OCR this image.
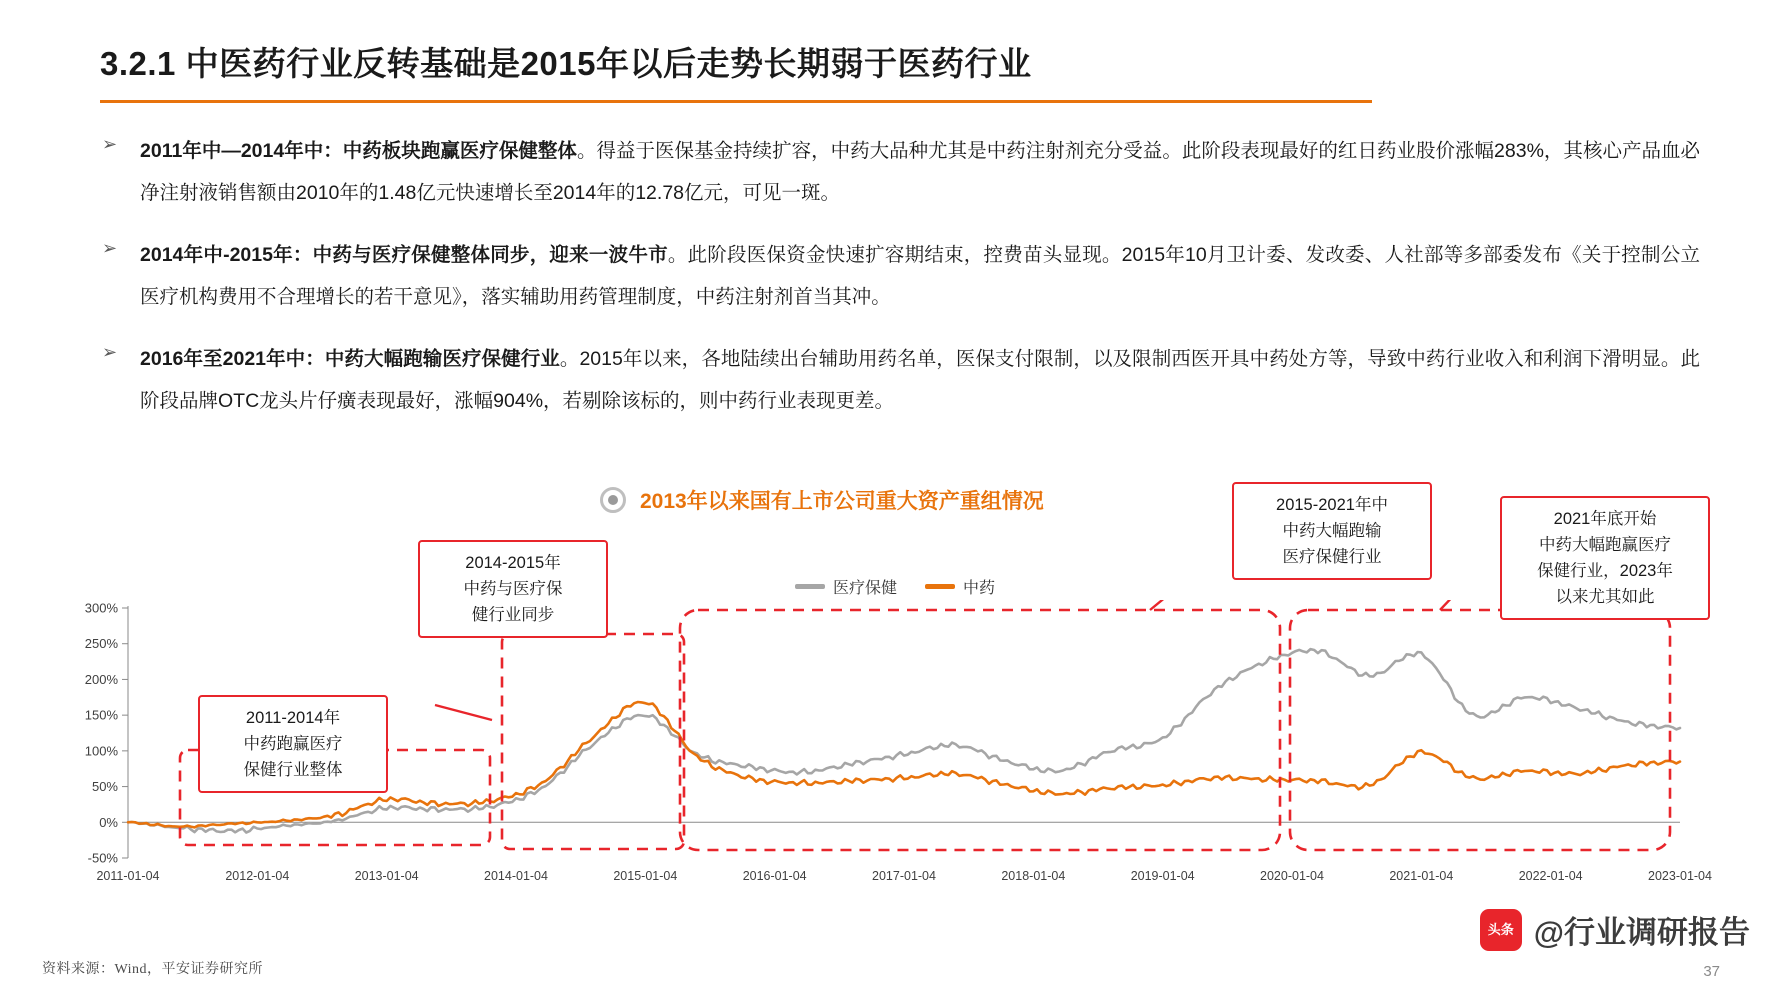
3.2.1 中医药行业反转基础是2015年以后走势长期弱于医药行业
➢ 2011年中—2014年中：中药板块跑赢医疗保健整体。得益于医保基金持续扩容，中药大品种尤其是中药注射剂充分受益。此阶段表现最好的红日药业股价涨幅283%，其核心产品血必净注射液销售额由2010年的1.48亿元快速增长至2014年的12.78亿元，可见一斑。

➢ 2014年中-2015年：中药与医疗保健整体同步，迎来一波牛市。此阶段医保资金快速扩容期结束，控费苗头显现。2015年10月卫计委、发改委、人社部等多部委发布《关于控制公立医疗机构费用不合理增长的若干意见》，落实辅助用药管理制度，中药注射剂首当其冲。

➢ 2016年至2021年中：中药大幅跑输医疗保健行业。2015年以来，各地陆续出台辅助用药名单，医保支付限制，以及限制西医开具中药处方等，导致中药行业收入和利润下滑明显。此阶段品牌OTC龙头片仔癀表现最好，涨幅904%，若剔除该标的，则中药行业表现更差。

2013年以来国有上市公司重大资产重组情况
医疗保健	中药
-50%
0%
50%
100%
150%
200%
250%
300%
2011-01-04	2012-01-04	2013-01-04	2014-01-04	2015-01-04	2016-01-04	2017-01-04	2018-01-04	2019-01-04	2020-01-04	2021-01-04	2022-01-04	2023-01-04
2011-2014年
中药跑赢医疗
保健行业整体
2014-2015年
中药与医疗保
健行业同步
2015-2021年中
中药大幅跑输
医疗保健行业
2021年底开始
中药大幅跑赢医疗
保健行业，2023年
以来尤其如此
资料来源：Wind，平安证券研究所	37
头条 @行业调研报告
